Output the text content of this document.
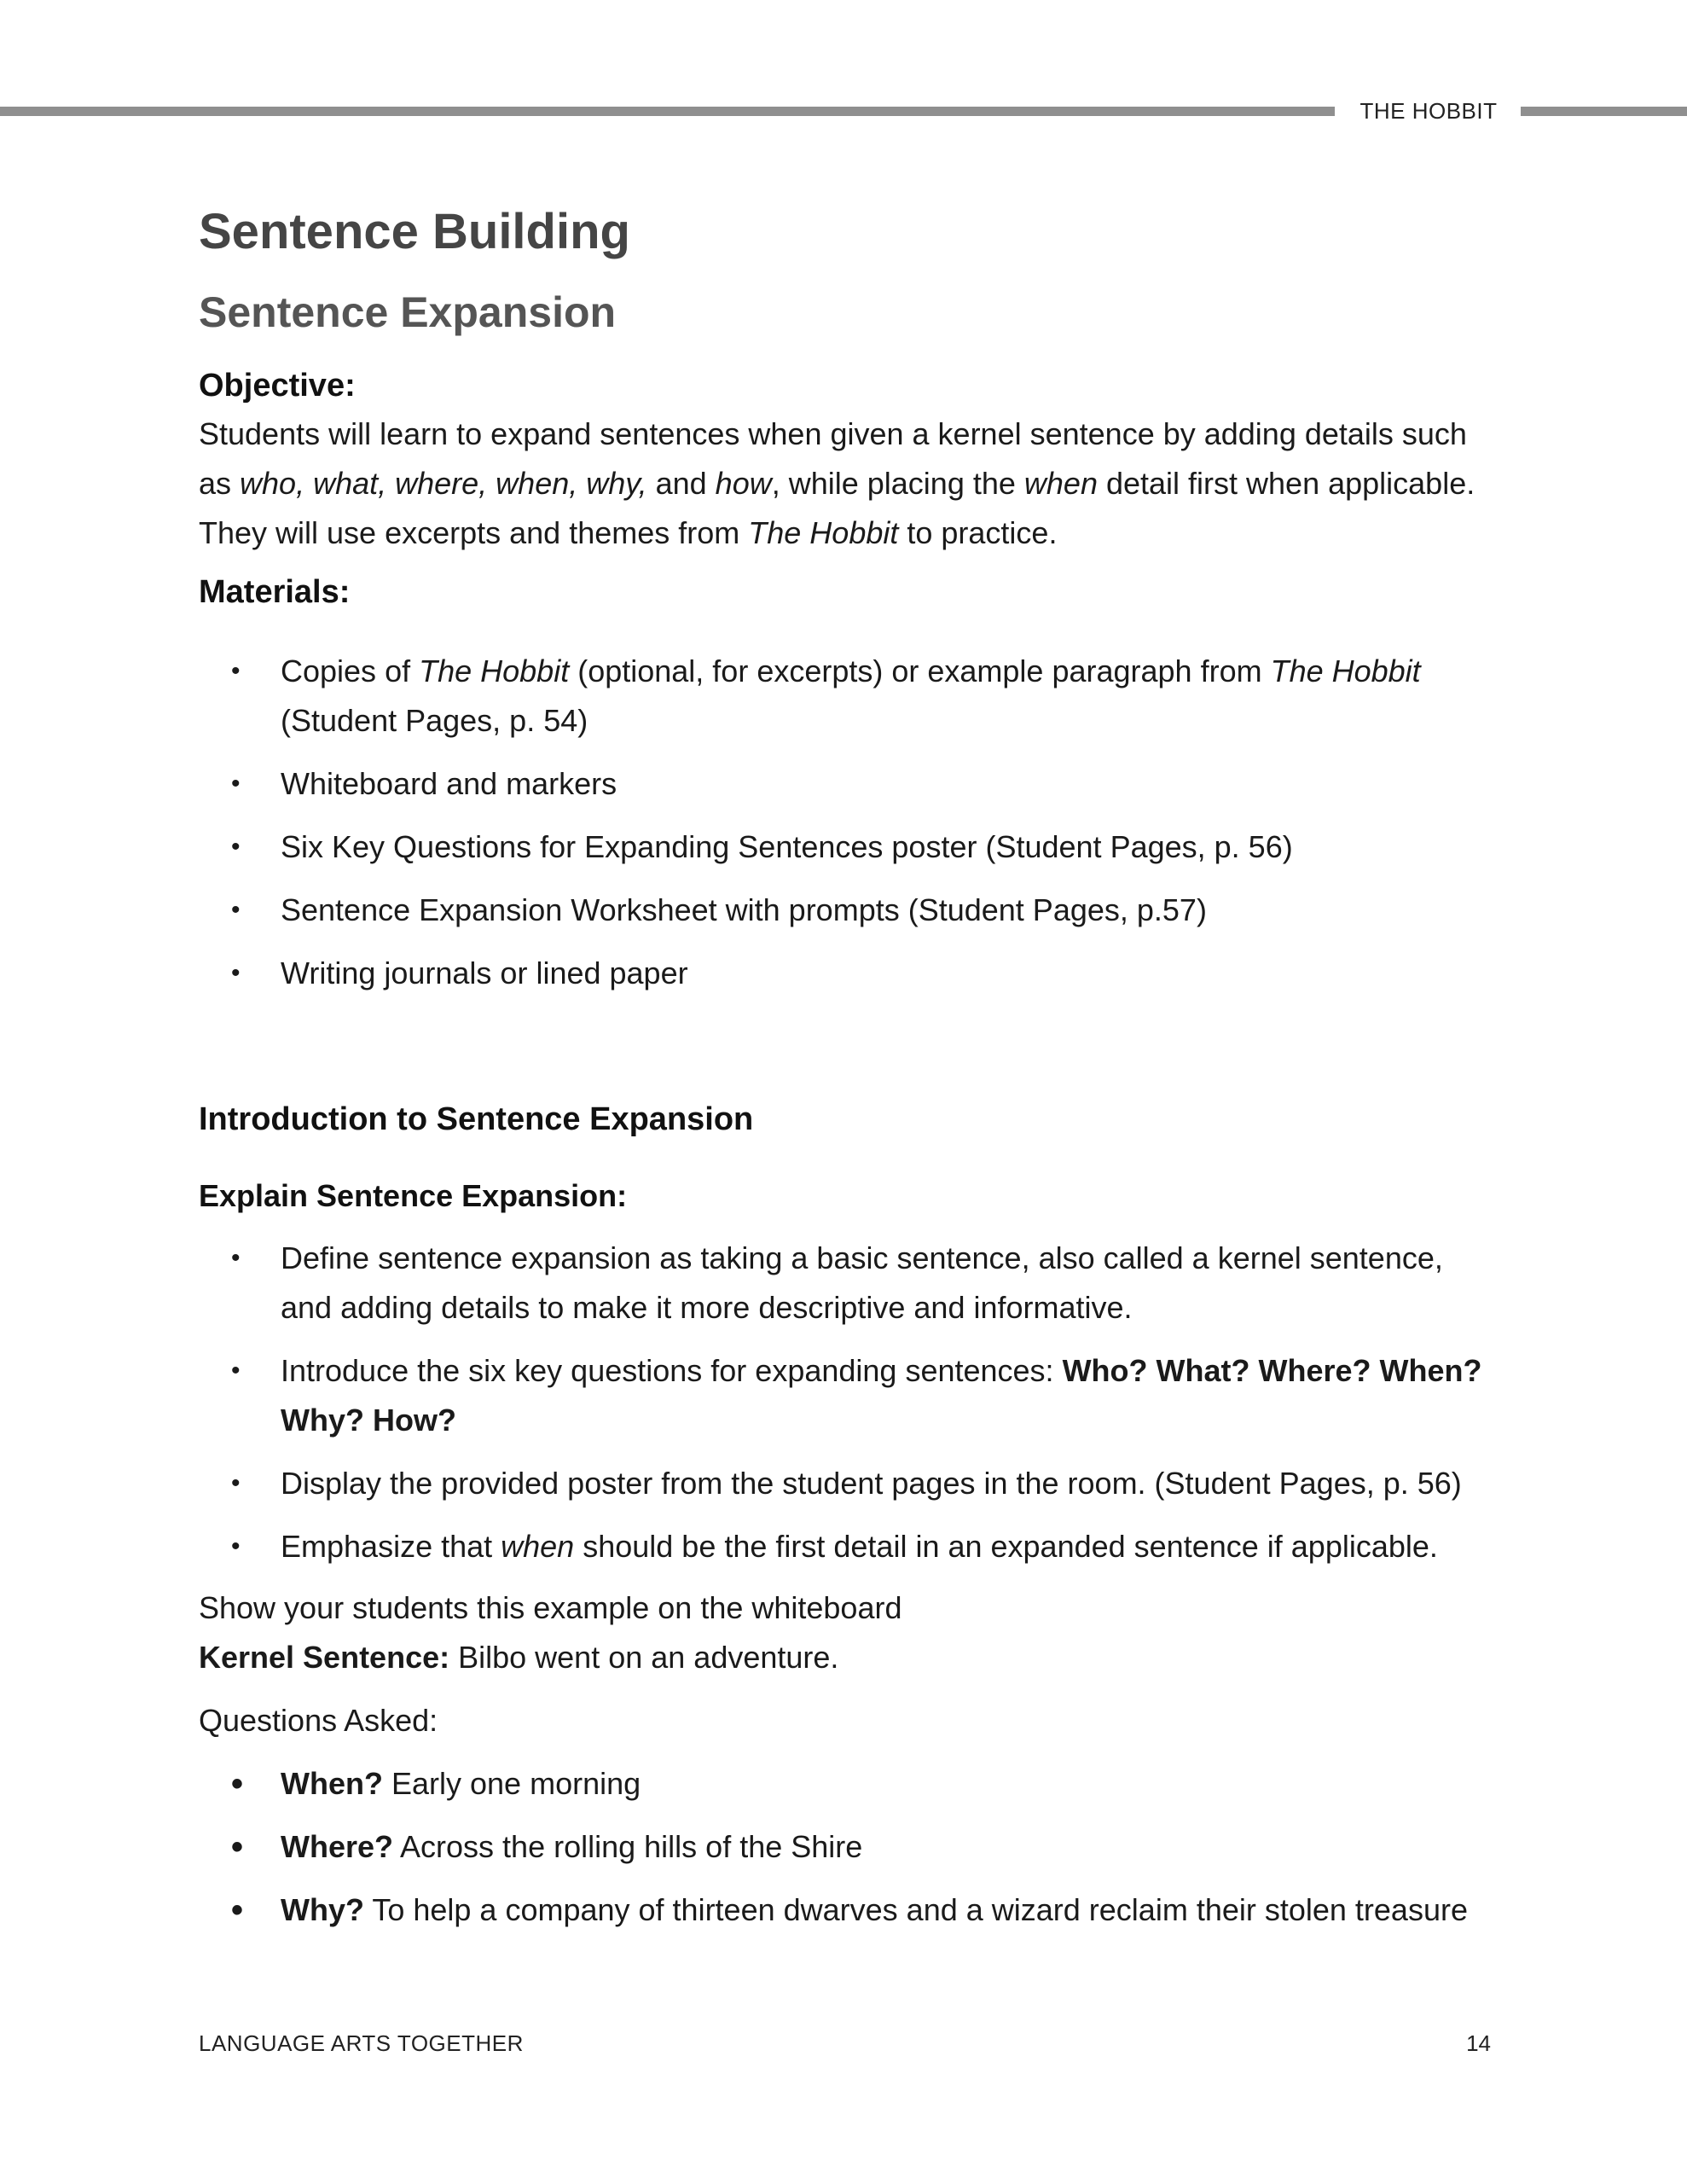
THE HOBBIT
Sentence Building
Sentence Expansion

Objective:

Students will learn to expand sentences when given a kernel sentence by adding details such as who, what, where, when, why, and how, while placing the when detail first when applicable. They will use excerpts and themes from The Hobbit to practice.

Materials:

• Copies of The Hobbit (optional, for excerpts) or example paragraph from The Hobbit (Student Pages, p. 54)
• Whiteboard and markers
• Six Key Questions for Expanding Sentences poster (Student Pages, p. 56)
• Sentence Expansion Worksheet with prompts (Student Pages, p.57)
• Writing journals or lined paper

Introduction to Sentence Expansion

Explain Sentence Expansion:

• Define sentence expansion as taking a basic sentence, also called a kernel sentence, and adding details to make it more descriptive and informative.
• Introduce the six key questions for expanding sentences: Who? What? Where? When? Why? How?
• Display the provided poster from the student pages in the room. (Student Pages, p. 56)
• Emphasize that when should be the first detail in an expanded sentence if applicable.

Show your students this example on the whiteboard

Kernel Sentence: Bilbo went on an adventure.

Questions Asked:

• When? Early one morning
• Where? Across the rolling hills of the Shire
• Why? To help a company of thirteen dwarves and a wizard reclaim their stolen treasure
LANGUAGE ARTS TOGETHER	14
